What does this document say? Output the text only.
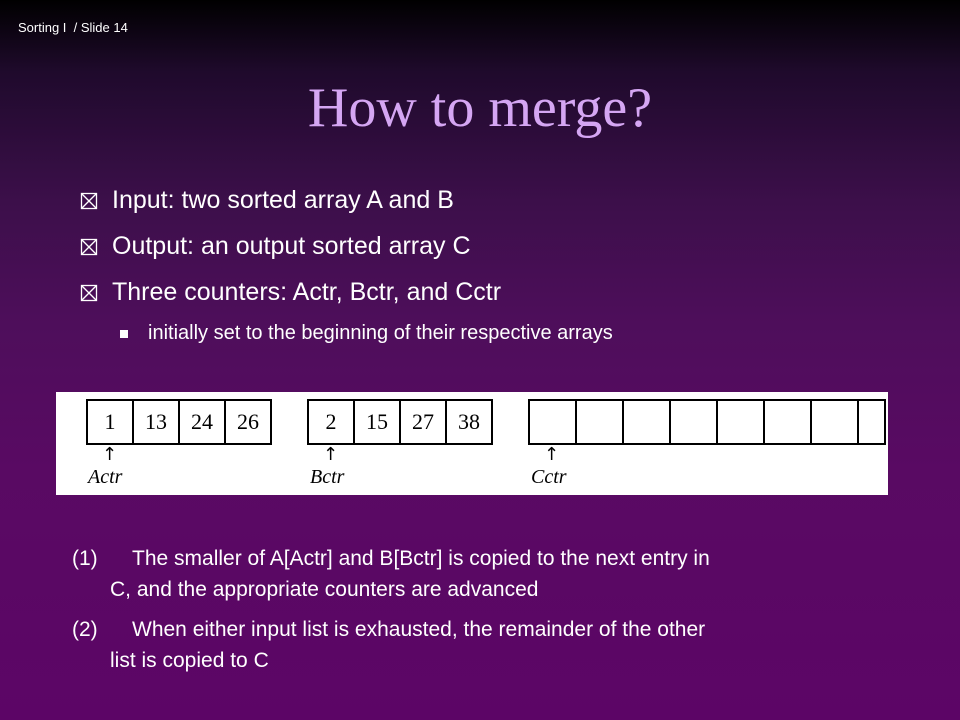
Sorting I  / Slide 14
How to merge?
Input: two sorted array A and B
Output: an output sorted array C
Three counters: Actr, Bctr, and Cctr
initially set to the beginning of their respective arrays
1	13	24	26	2	15	27	38
↑
Actr
↑
Bctr
↑
Cctr
(1) The smaller of A[Actr] and B[Bctr] is copied to the next entry in
C, and the appropriate counters are advanced
(2) When either input list is exhausted, the remainder of the other
list is copied to C
